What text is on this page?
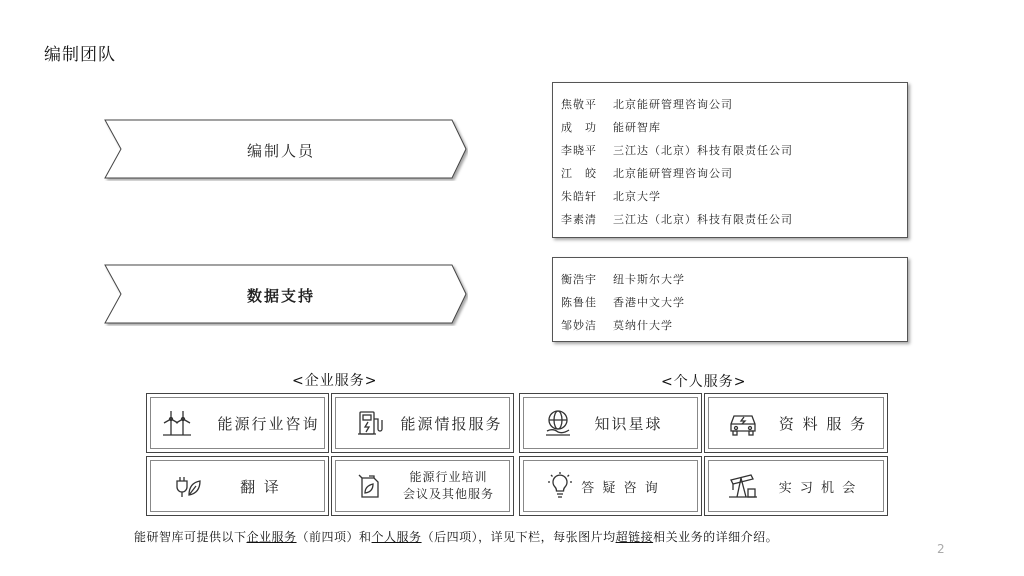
编制团队
编制人员
数据支持
焦敬平	北京能研管理咨询公司
成　功	能研智库
李晓平	三江达（北京）科技有限责任公司
江　皎	北京能研管理咨询公司
朱皓轩	北京大学
李素清	三江达（北京）科技有限责任公司
衡浩宇	纽卡斯尔大学
陈鲁佳	香港中文大学
邹妙洁	莫纳什大学
<企业服务>	<个人服务>
能源行业咨询	能源情报服务	知识星球	资 料 服 务
翻 译
能源行业培训
会议及其他服务	答 疑 咨 询	实 习 机 会
能研智库可提供以下企业服务（前四项）和个人服务（后四项），详见下栏，每张图片均超链接相关业务的详细介绍。
2
